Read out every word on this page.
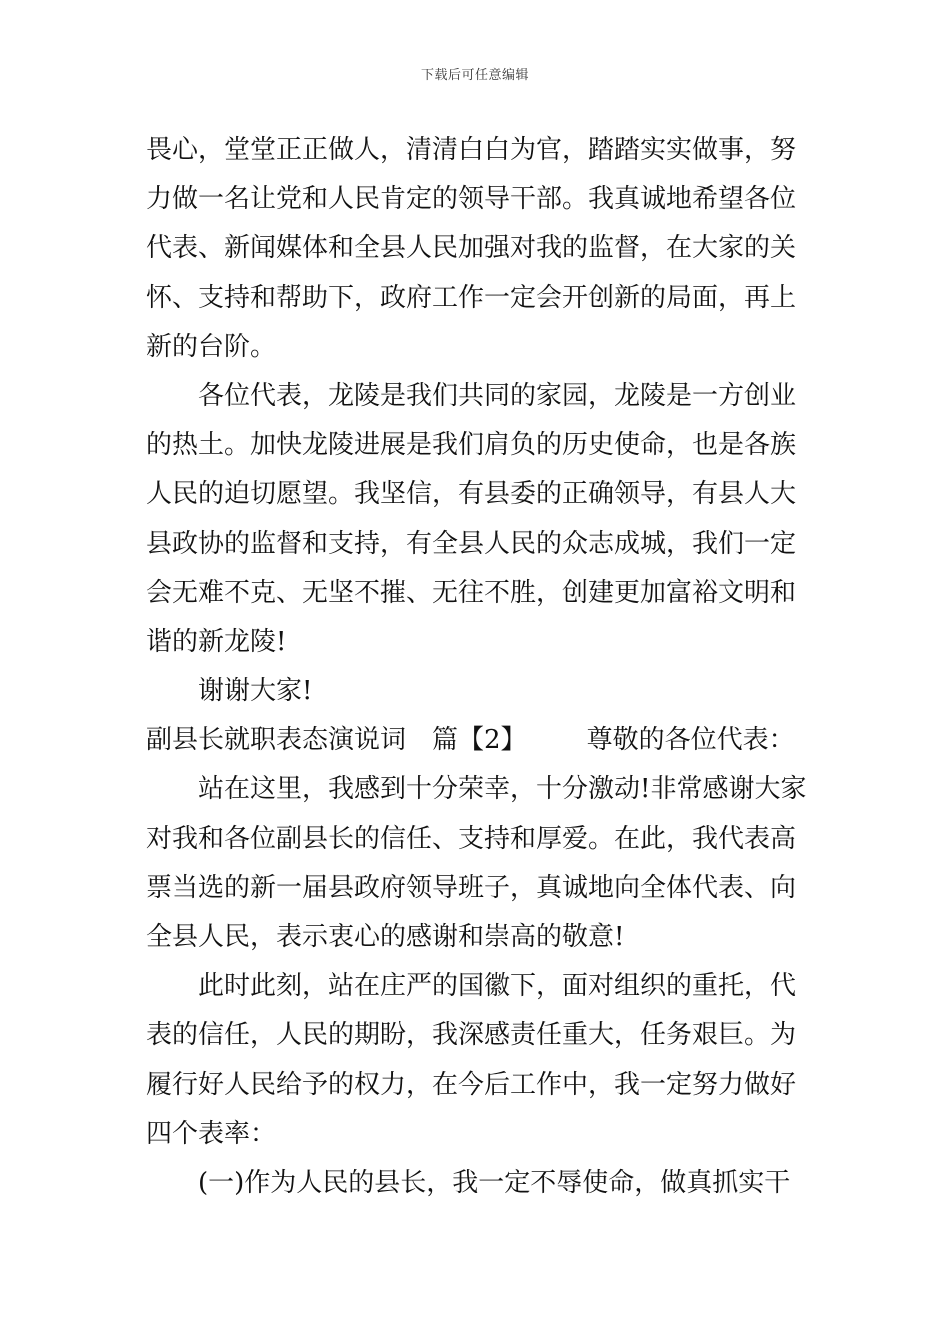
下载后可任意编辑
畏心，堂堂正正做人，清清白白为官，踏踏实实做事，努
力做一名让党和人民肯定的领导干部。我真诚地希望各位
代表、新闻媒体和全县人民加强对我的监督，在大家的关
怀、支持和帮助下，政府工作一定会开创新的局面，再上
新的台阶。
各位代表，龙陵是我们共同的家园，龙陵是一方创业
的热土。加快龙陵进展是我们肩负的历史使命，也是各族
人民的迫切愿望。我坚信，有县委的正确领导，有县人大
县政协的监督和支持，有全县人民的众志成城，我们一定
会无难不克、无坚不摧、无往不胜，创建更加富裕文明和
谐的新龙陵!
谢谢大家!
副县长就职表态演说词 篇【2】 尊敬的各位代表：
站在这里，我感到十分荣幸，十分激动!非常感谢大家
对我和各位副县长的信任、支持和厚爱。在此，我代表高
票当选的新一届县政府领导班子，真诚地向全体代表、向
全县人民，表示衷心的感谢和崇高的敬意!
此时此刻，站在庄严的国徽下，面对组织的重托，代
表的信任，人民的期盼，我深感责任重大，任务艰巨。为
履行好人民给予的权力，在今后工作中，我一定努力做好
四个表率：
(一)作为人民的县长，我一定不辱使命，做真抓实干
